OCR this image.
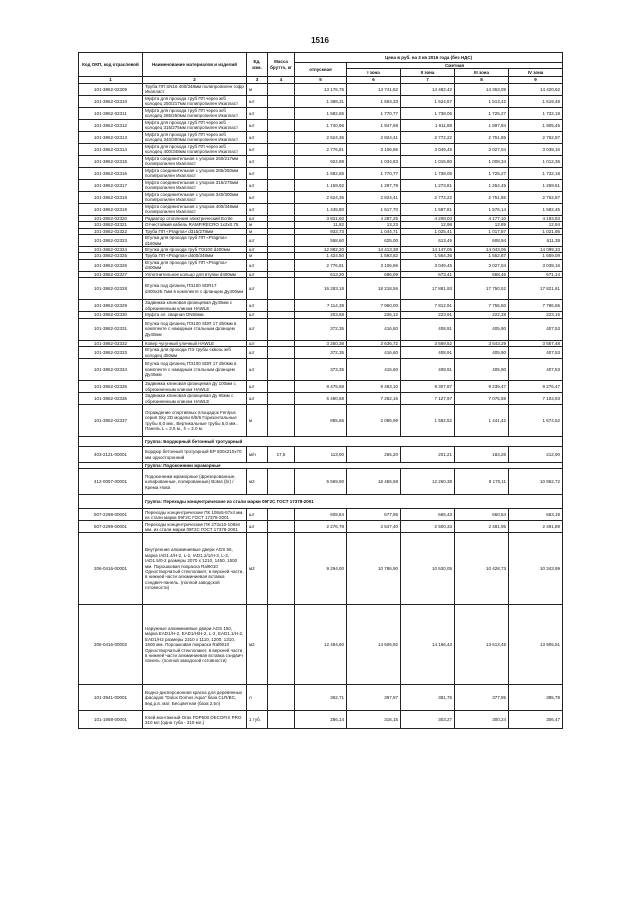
1516
Код ОКП, код отраслевой	Наименование материалов и изделий	Ед. изм.	Масса брутто, кг	Цена в руб. на 3 кв 2016 года (без НДС)				
				отпускная	Сметная			
					I зона	II зона	III зона	IV зона
1	2	3	4	5	6	7	8	9
101-3862-02309	Труба ПП SN16 400/348мм полипропилен гофр Икапласт	м		13 176,75	14 741,62	14 482,42	14 363,09	14 420,62
101-3862-02310	Муфта для прохода труб ПП через ж/б колодец 250/217мм полипропилен Икапласт	шт		1 388,31	1 553,33	1 524,67	1 513,42	1 519,48
101-3862-02311	Муфта для прохода труб ПП через ж/б колодец 285/250мм полипропилен Икапласт	шт		1 582,65	1 770,77	1 738,05	1 725,27	1 732,18
101-3862-02312	Муфта для прохода труб ПП через ж/б колодец 315/275мм полипропилен Икапласт	шт		1 740,96	1 947,69	1 911,89	1 897,84	1 905,45
101-3862-02313	Муфта для прохода труб ПП через ж/б колодец 340/300мм полипропилен Икапласт	шт		2 524,36	2 824,41	2 772,22	2 751,85	2 762,87
101-3862-02314	Муфта для прохода труб ПП через ж/б колодец 400/348мм полипропилен Икапласт	шт		2 776,81	3 106,86	3 049,45	3 027,04	3 039,16
101-3862-02315	Муфта соединительная с упором 250/217мм полипропилен Икапласт	шт		924,98	1 034,83	1 015,80	1 008,34	1 012,36
101-3862-02316	Муфта соединительная с упором 285/250мм полипропилен Икапласт	шт		1 582,65	1 770,77	1 738,05	1 725,27	1 732,18
101-3862-02317	Муфта соединительная с упором 315/275мм полипропилен Икапласт	шт		1 159,92	1 297,79	1 273,81	1 264,45	1 269,51
101-3862-02318	Муфта соединительная с упором 340/300мм полипропилен Икапласт	шт		2 524,36	2 824,41	2 772,22	2 751,85	2 762,87
101-3862-02319	Муфта соединительная с упором 400/348мм полипропилен Икапласт	шт		1 445,80	1 617,70	1 587,81	1 576,14	1 582,45
101-3862-02320	Радиатор отопления электрический Ecrite	шт		3 831,60	4 287,25	4 208,03	4 177,10	4 193,83
101-3862-02321	Отчестойкий кабель RAMFIRECRO 1x2x0.75	м		11,82	13,23	12,98	12,89	12,94
101-3862-02322	Труба ПП «Pragma» d315/278мм	м		933,73	1 044,71	1 025,41	1 017,87	1 021,95
101-3862-02323	Втулка для прохода труб ПП «Pragma» d160мм	шт		558,60	625,00	613,45	608,94	611,38
101-3862-02324	Втулка для прохода труб ПЭ100 d400мм	шт		12 882,20	14 413,38	14 147,05	14 043,06	14 099,33
101-3862-02325	Труба ПП «Pragma» d400/348мм	м		1 424,50	1 593,82	1 564,36	1 552,87	1 559,09
101-3862-02326	Втулка для прохода труб ПП «Pragma» d400мм	шт		2 776,81	3 106,86	3 049,45	3 027,04	3 039,16
101-3862-02327	Уплотнительное кольцо для втулки d400мм	шт		613,20	686,09	673,41	668,46	671,14
101-3862-02328	Втулка под фланец ПЭ100 SDR17 d400x25.7мм в комплекте с фланцем Ду400мм	шт		16 283,18	18 218,56	17 881,93	17 750,52	17 821,61
101-3862-02329	Задвижка клиновая фланцевая Ду40мм с обрезиненным клином HAWLE	шт		7 114,38	7 960,00	7 812,91	7 755,50	7 786,56
101-3862-02330	Муфта эл. сварная DN50мм	шт		203,68	226,12	223,91	222,28	223,16
101-3862-02331	Втулка под фланец ПЭ100 SDR 17 d50мм в комплекте с накидным стальным фланцем Ду40мм	шт		372,35	416,60	408,91	405,90	407,53
101-3862-02332	Ковер чугунный уличный HAWLE	шт		3 250,38	3 636,72	3 569,52	3 543,29	3 557,48
101-3862-02333	Втулка для прохода ПЭ трубы сквозь ж/б колодец d50мм	шт		372,35	416,60	408,91	405,90	407,53
101-3862-02334	Втулка под фланец ПЭ100 SDR 17 d50мм в комплекте с накидным стальным фланцем Ду40мм	шт		373,35	416,60	408,91	405,90	407,53
101-3862-02335	Задвижка клиновая фланцевая Ду 100мм с обрезиненным клином HAWLE	шт		8 475,69	9 483,10	9 307,87	9 239,47	9 276,47
101-3862-02336	Задвижка клиновая фланцевая Ду 65мм с обрезиненным клином HAWLE	шт		6 490,68	7 262,16	7 127,97	7 075,59	7 103,93
101-3862-02337	Ограждение спортивных площадок Fenlyus серия Sky 2D модели 6/5/6 Горизонтальные трубы 8,0 мм., Вертикальные трубы 5,0 мм.. Панель L = 2,5 м., h = 2.0 м.	м		865,65	2 085,99	1 582,52	1 441,42	1 674,52
	Группа: Бордюрный бетонный тротуарный							
403-2121-00001	Бордюр бетонный тротуарный БР 500х210х70 мм односторонний	м/п	17,5	113,90	265,20	201,21	183,26	212,90
	Группа: Подоконники мраморные							
412-0057-00001	Подоконники мраморные (фрезерованные, шлифованные, полированные) Botas (br) / Крема Нова	м2		5 569,90	16 456,58	12 260,38	9 170,11	10 862,72
	Группа: Переходы концентрические из стали марки 09Г2С ГОСТ 17378-2001							
507-2298-00001	Переходы концентрические ПК 108х5-57х4 мм. из стали марки 09Г2С ГОСТ 17378-2001	шт		609,84	677,95	665,43	660,54	663,19
507-2299-00001	Переходы концентрические ПК 273х10-108х6 мм. из стали марки 09Г2С ГОСТ 17378-2001	шт		2 276,78	2 547,40	2 500,33	2 481,95	2 491,89
206-0416-00001	Внутренние алюминиевые двери AGS 55, марка IAD1.4/Н-2, L-2, IAD1.2/1/Н-3, L-3, IAD1.5/0-2 размеры 2070 х 1210, 1450, 1500 мм. Порошковая покраска Ral9010 Одностворчатый стеклопакет, в верхней части, в нижней части алюминиевая вставка сэндвич-панель. (полной заводской готовности)	м2		9 294,00	10 786,90	10 530,05	10 428,73	10 343,99
206-0416-00002	Наружные алюминиевые двери AGS 150, марка EAD1/Н-2, EAD1/H/Н-2, L-2, EAD1.1/H-2, EAD1/Н2 размеры 2310 х 1110, 1200, 1310, 1500 мм. Порошковая покраска Ral9010 Одностворчатый стеклопакет, в верхней части, в нижней части алюминиевая вставка сэндвич панель. (полной заводской готовности)	м2		12 494,60	14 506,92	14 166,43	13 613,45	13 905,51
101-3941-00001	Водно-дисперсионная краска для деревянных фасадов "Dulux Domus Aqua" база CLR/BC, вед.р.в. мат. Бесцветная (база 2,5л)	л		362,71	397,97	381,75	377,95	385,78
101-1958-00001	Клей монтажный Oras FDP500 DECOFIX PRO 310 мл (одна туба - 310 мл.)	1 туб.		286,14	316,15	303,27	300,24	306,47
